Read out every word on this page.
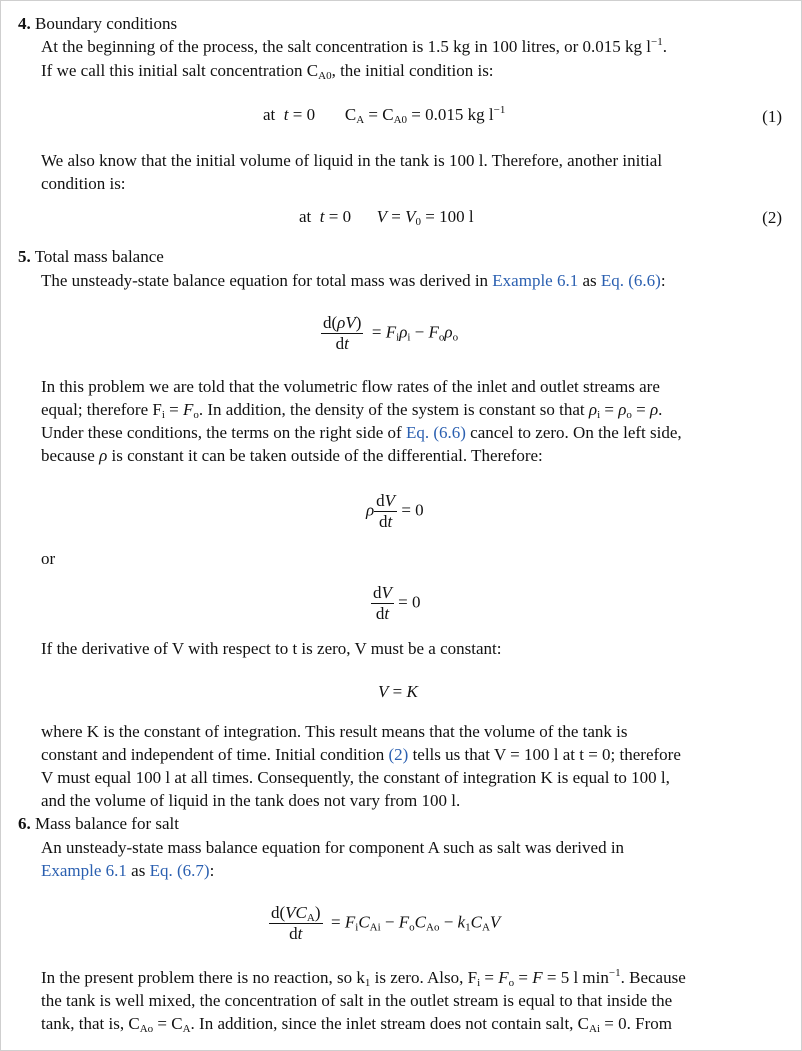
4. Boundary conditions
At the beginning of the process, the salt concentration is 1.5 kg in 100 litres, or 0.015 kg $l^{-1}$.
If we call this initial salt concentration $C_{A0}$, the initial condition is:
at  t = 0       $C_A = C_{A0} = 0.015$ kg $l^{-1}$	(1)
We also know that the initial volume of liquid in the tank is 100 l. Therefore, another initial
condition is:
at  t = 0      $V = V_0 = 100$ l	(2)
5. Total mass balance
The unsteady-state balance equation for total mass was derived in Example 6.1 as Eq. (6.6):
$\frac{d(\rho V)}{dt} = F_i\rho_i - F_o\rho_o$
In this problem we are told that the volumetric flow rates of the inlet and outlet streams are
equal; therefore $F_i = F_o$. In addition, the density of the system is constant so that $\rho_i = \rho_o = \rho$.
Under these conditions, the terms on the right side of Eq. (6.6) cancel to zero. On the left side,
because ρ is constant it can be taken outside of the differential. Therefore:
ρ $\frac{dV}{dt} = 0$
or
$\frac{dV}{dt} = 0$
If the derivative of V with respect to t is zero, V must be a constant:
V = K
where K is the constant of integration. This result means that the volume of the tank is
constant and independent of time. Initial condition (2) tells us that V = 100 l at t = 0; therefore
V must equal 100 l at all times. Consequently, the constant of integration K is equal to 100 l,
and the volume of liquid in the tank does not vary from 100 l.
6. Mass balance for salt
An unsteady-state mass balance equation for component A such as salt was derived in
Example 6.1 as Eq. (6.7):
$\frac{d(VC_A)}{dt} = F_iC_{Ai} - F_oC_{Ao} - k_1C_AV$
In the present problem there is no reaction, so $k_1$ is zero. Also, $F_i = F_o = F = 5$ l $\min^{-1}$. Because
the tank is well mixed, the concentration of salt in the outlet stream is equal to that inside the
tank, that is, $C_{Ao} = C_A$. In addition, since the inlet stream does not contain salt, $C_{Ai} = 0$. From
